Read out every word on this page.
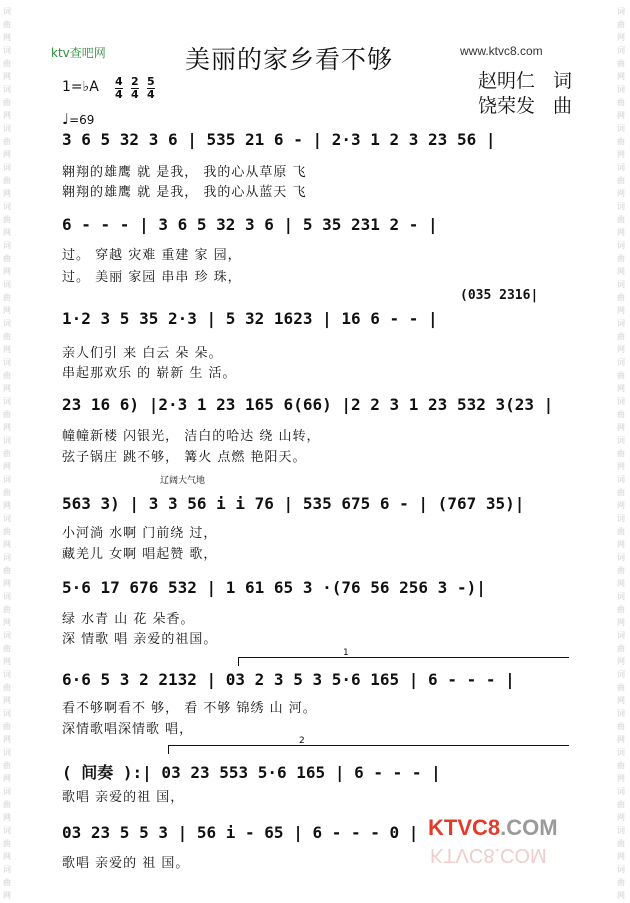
词
曲
网
词
曲
网
词
曲
网
词
曲
网
词
曲
网
词
曲
网
词
曲
网
词
曲
网
词
曲
网
词
曲
网
词
曲
网
词
曲
网
词
曲
网
词
曲
网
词
曲
网
词
曲
网
词
曲
网
词
曲
网
词
曲
网
词
曲
网
词
曲
网
词
曲
网
词
曲
网
词
曲
网
词
曲
网
词
曲
网
词
曲
网
词
曲
网
词
曲
网
词
曲
网
词
曲
网
词
曲
网
词
曲
网
词
曲
网
词
曲
网
词
曲
网
词
曲
网
词
曲
网
词
曲
网
词
曲
网
词
曲
网
词
曲
网
词
曲
网
词
曲
网
词
曲
网
词
曲
网
ktv查吧网	美丽的家乡看不够	www.ktvc8.com
赵明仁 词
饶荣发 曲
1=♭A 4
4
2
4
5
4
♩=69
3 6 5 32 3 6 | 535 21 6 - | 2·3 1 2 3 23 56 |
翱翔的雄鹰 就 是我， 我的心从草原 飞
翱翔的雄鹰 就 是我， 我的心从蓝天 飞
6 - - - | 3 6 5 32 3 6 | 5 35 231 2 - |
过。 穿越 灾难 重建 家 园，
过。 美丽 家园 串串 珍 珠，
(035 2316|
1·2 3 5 35 2·3 | 5 32 1623 | 16 6 - - |
亲人们引 来 白云 朵 朵。
串起那欢乐 的 崭新 生 活。
23 16 6) |2·3 1 23 165 6(66) |2 2 3 1 23 532 3(23 |
幢幢新楼 闪银光， 洁白的哈达 绕 山转，
弦子锅庄 跳不够， 篝火 点燃 艳阳天。
辽阔大气地
563 3) | 3 3 56 i i 76 | 535 675 6 - | (767 35)|
小河淌 水啊 门前绕 过，
藏羌儿 女啊 唱起赞 歌，
5·6 17 676 532 | 1 61 65 3 ·(76 56 256 3 -)|
绿 水青 山 花 朵香。
深 情歌 唱 亲爱的祖国。
1
6·6 5 3 2 2132 | 03 2 3 5 3 5·6 165 | 6 - - - |
看不够啊看不 够， 看 不够 锦绣 山 河。
深情歌唱深情歌 唱，
2
( 间奏 ):| 03 23 553 5·6 165 | 6 - - - |
歌唱 亲爱的祖 国，
03 23 5 5 3 | 56 i - 65 | 6 - - - 0 |
歌唱 亲爱的 祖 国。
KTVC8.COM
KTVC8.COM
